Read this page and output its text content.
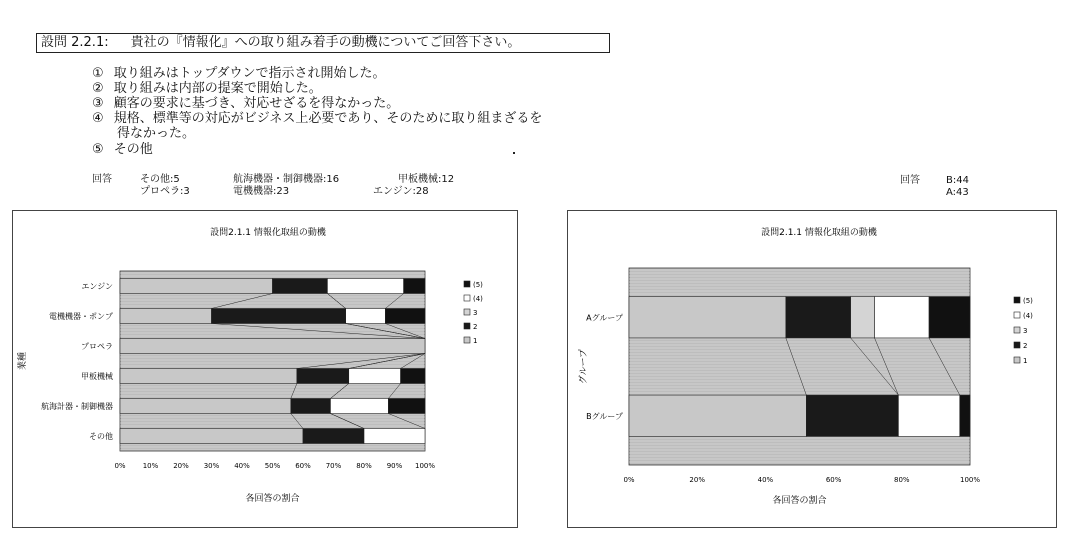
設問 2.2.1: 貴社の『情報化』への取り組み着手の動機についてご回答下さい。
① 取り組みはトップダウンで指示され開始した。
② 取り組みは内部の提案で開始した。
③ 顧客の要求に基づき、対応せざるを得なかった。
④ 規格、標準等の対応がビジネス上必要であり、そのために取り組まざるを
得なかった。
⑤ その他
回答	その他:5	航海機器・制御機器:16	甲板機械:12
プロペラ:3	電機機器:23	エンジン:28
回答	B:44
A:43
設問2.1.1 情報化取組の動機
エンジン
電機機器・ポンプ
プロペラ
甲板機械
航海計器・制御機器
その他
0% 10% 20% 30% 40% 50% 60% 70% 80% 90% 100%
各回答の割合
業種
(5)
(4)
3
2
1
設問2.1.1 情報化取組の動機
Aグループ
Bグループ
0%	20%	40%	60%	80%	100%
各回答の割合
グループ
(5)
(4)
3
2
1
